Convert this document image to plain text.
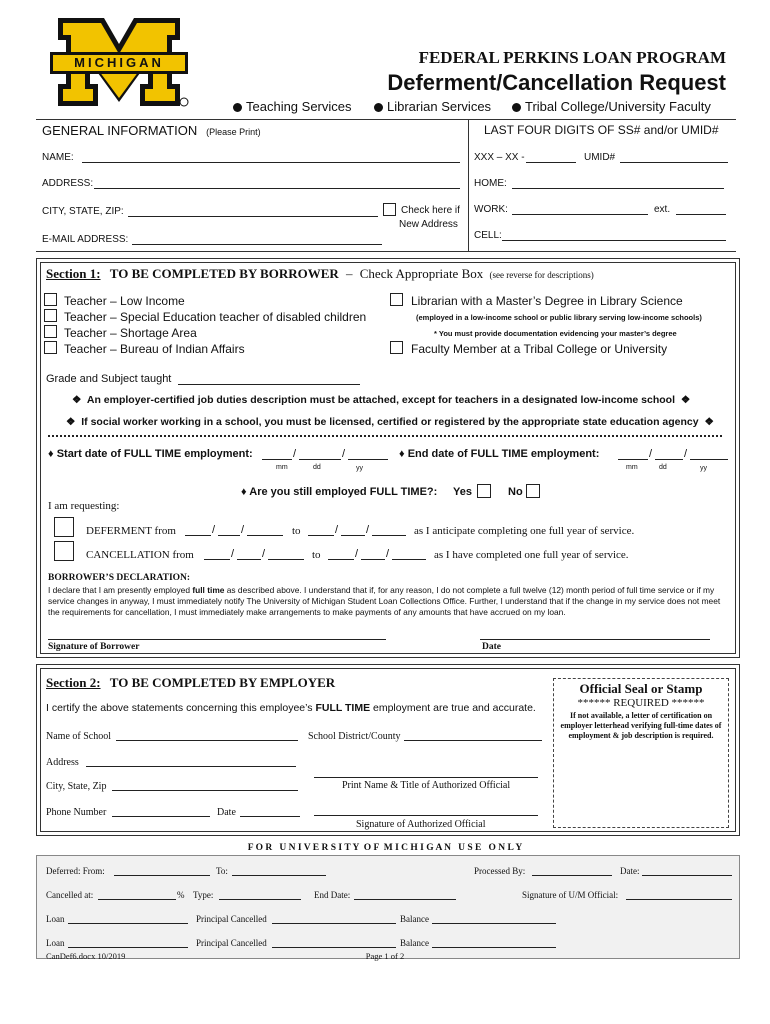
MICHIGAN	FEDERAL PERKINS LOAN PROGRAM
Deferment/Cancellation Request
Teaching Services	Librarian Services	Tribal College/University Faculty
GENERAL INFORMATION (Please Print)	LAST FOUR DIGITS OF SS# and/or UMID#
NAME:
ADDRESS:
CITY, STATE, ZIP:	Check here if
New Address
E-MAIL ADDRESS:
XXX – XX -	UMID#
HOME:
WORK:	ext.
CELL:
Section 1: TO BE COMPLETED BY BORROWER – Check Appropriate Box (see reverse for descriptions)
Teacher – Low Income
Teacher – Special Education teacher of disabled children
Teacher – Shortage Area
Teacher – Bureau of Indian Affairs
Librarian with a Master’s Degree in Library Science
(employed in a low-income school or public library serving low-income schools)
* You must provide documentation evidencing your master’s degree
Faculty Member at a Tribal College or University
Grade and Subject taught
❖ An employer-certified job duties description must be attached, except for teachers in a designated low-income school ❖
❖ If social worker working in a school, you must be licensed, certified or registered by the appropriate state education agency ❖
♦ Start date of FULL TIME employment:	/	/
mm	dd	yy
♦ End date of FULL TIME employment:	/	/
mm	dd	yy
♦ Are you still employed FULL TIME?: Yes	No
I am requesting:
DEFERMENT from	/ /	to	/	/	as I anticipate completing one full year of service.
CANCELLATION from	/	/	to	/	/	as I have completed one full year of service.
BORROWER’S DECLARATION:
I declare that I am presently employed full time as described above. I understand that if, for any reason, I do not complete a full twelve (12) month period of full time service or if my service changes in anyway, I must immediately notify The University of Michigan Student Loan Collections Office. Further, I understand that if the change in my service does not meet the requirements for cancellation, I must immediately make arrangements to make payments of any amounts that have accrued on my loan.
Signature of Borrower	Date
Section 2: TO BE COMPLETED BY EMPLOYER
I certify the above statements concerning this employee’s FULL TIME employment are true and accurate.
Name of School	School District/County
Address
City, State, Zip	Print Name & Title of Authorized Official
Phone Number	Date
Signature of Authorized Official
Official Seal or Stamp
****** REQUIRED ******
If not available, a letter of certification on employer letterhead verifying full-time dates of employment & job description is required.
F O R   U N I V E R S I T Y  O F  M I C H I G A N   U S E   O N L Y
Deferred: From:	To:	Processed By:	Date:
Cancelled at:	% Type:	End Date:	Signature of U/M Official:
Loan	Principal Cancelled	Balance
Loan	Principal Cancelled	Balance
CanDef6.docx 10/2019	Page 1 of 2
